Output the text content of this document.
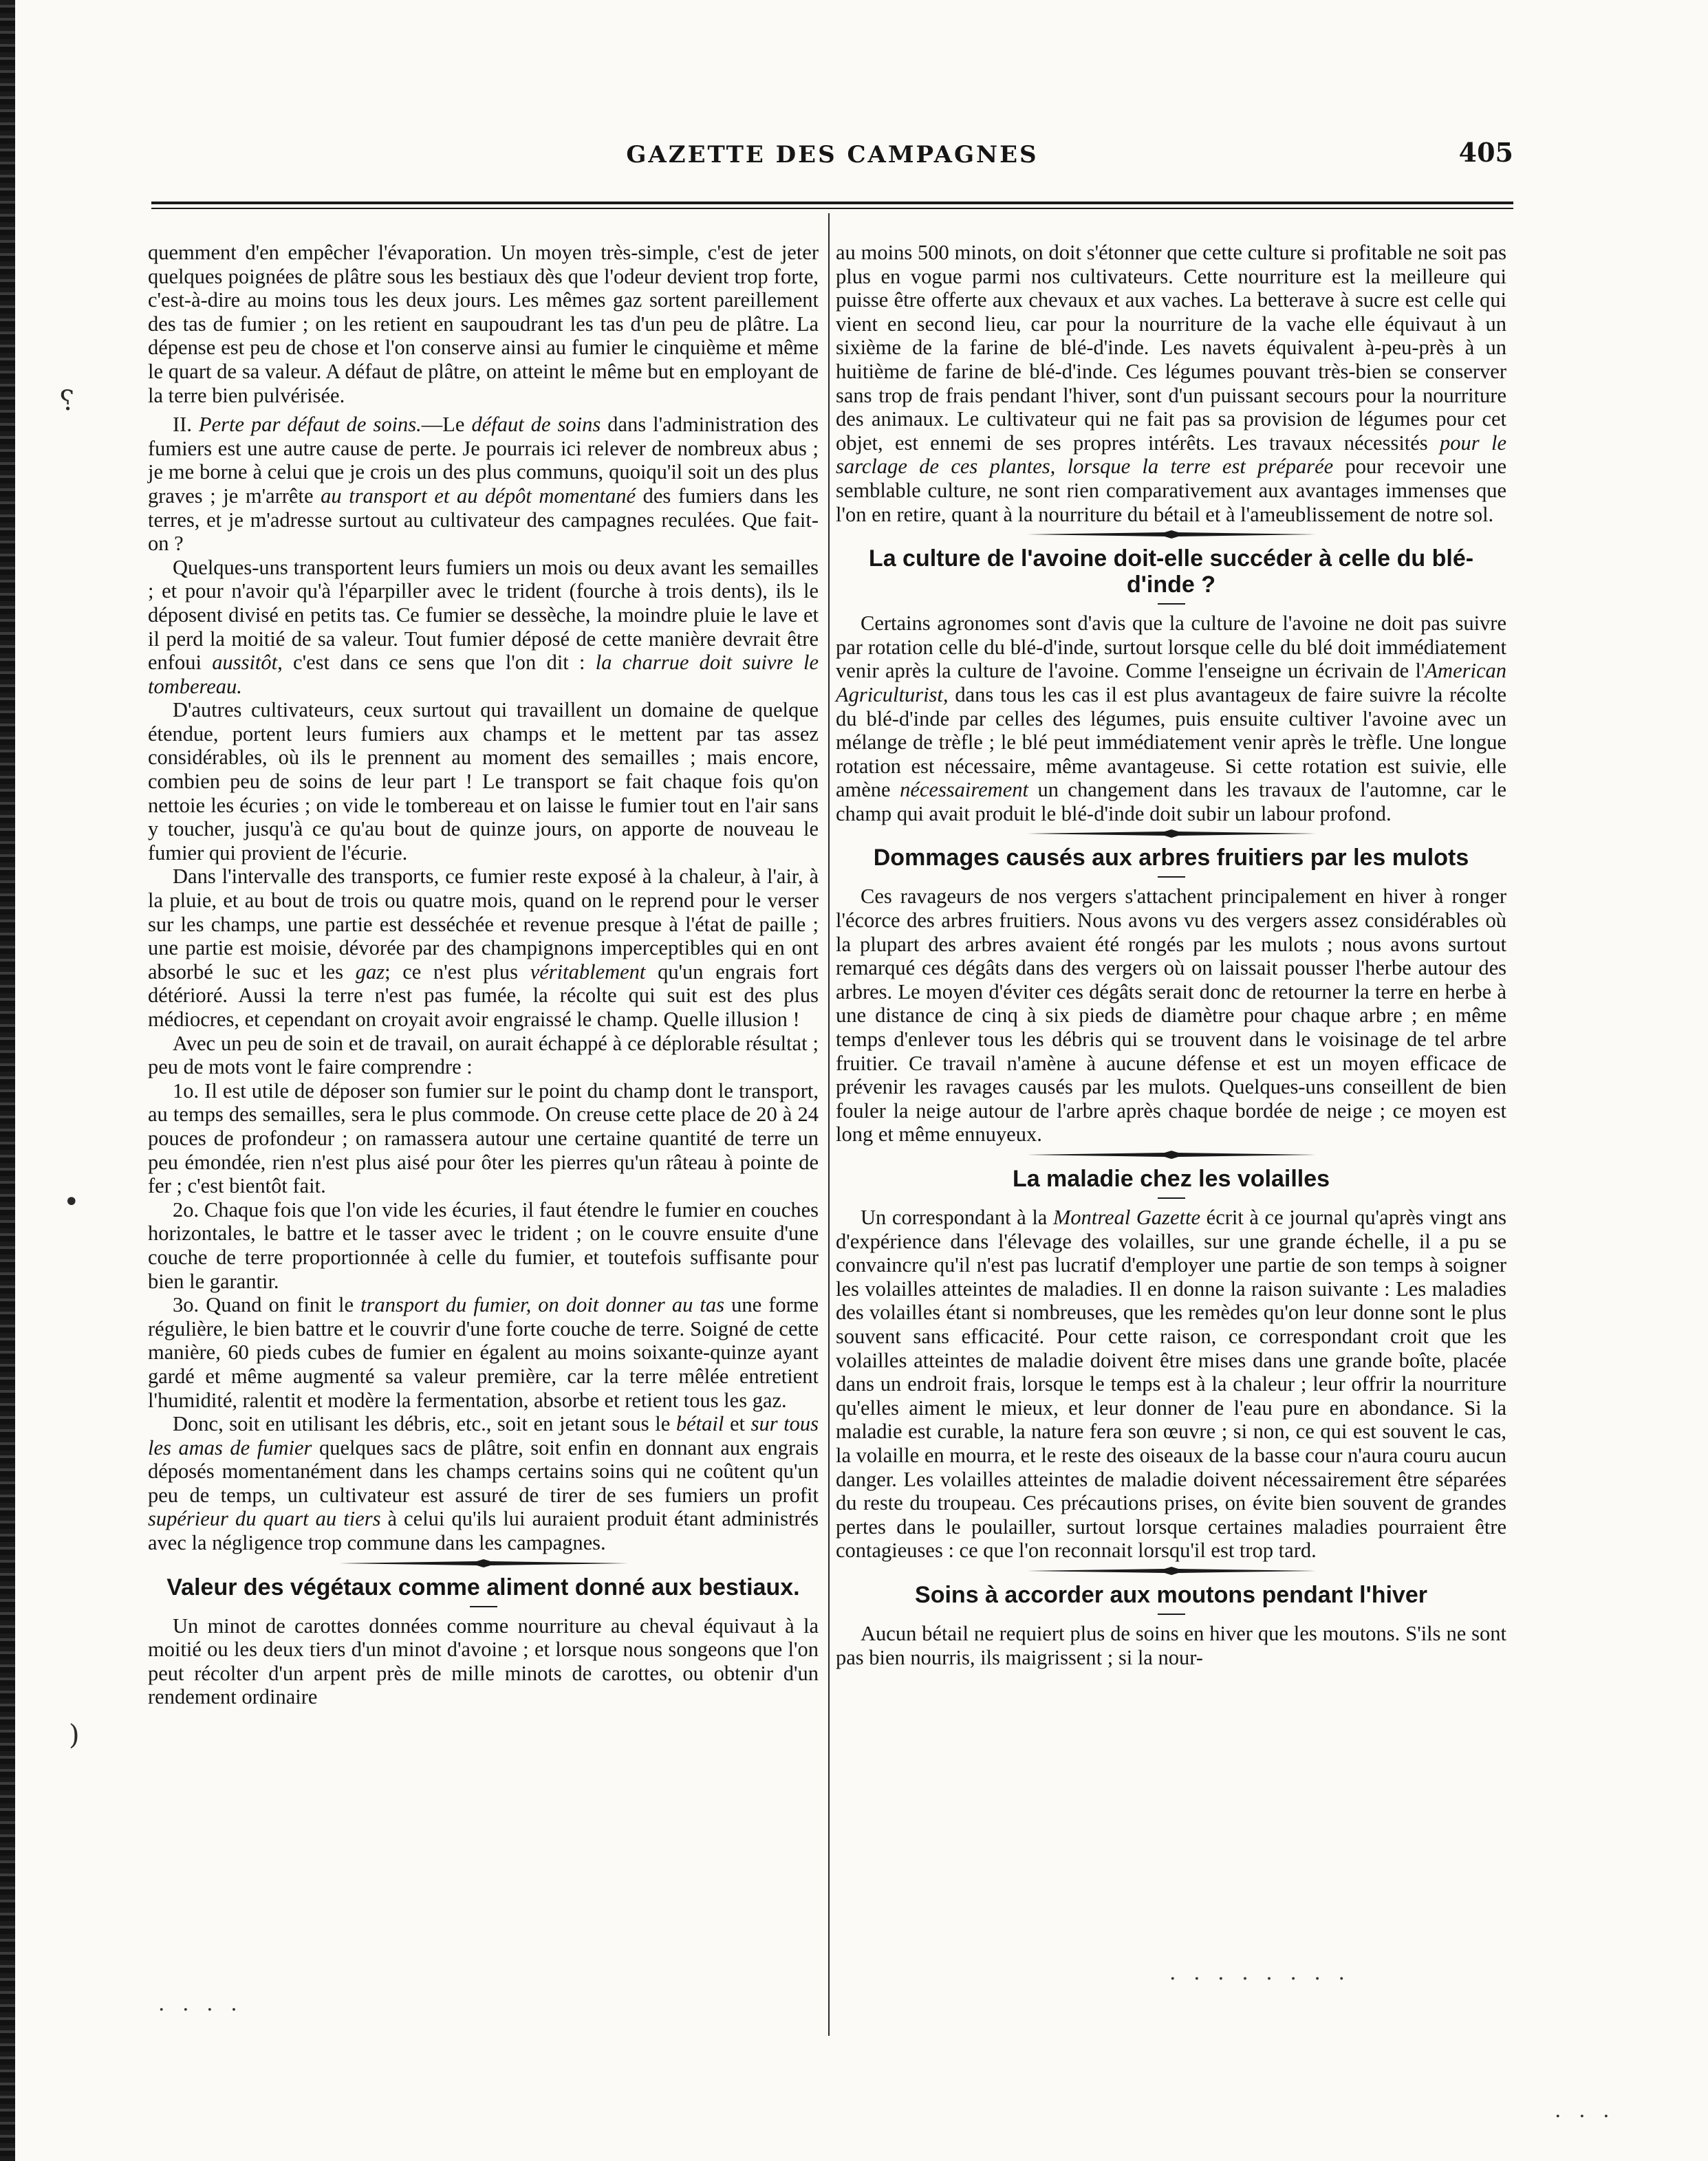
GAZETTE DES CAMPAGNES	405

quemment d'en empêcher l'évaporation. Un moyen très-simple, c'est de jeter quelques poignées de plâtre sous les bestiaux dès que l'odeur devient trop forte, c'est-à-dire au moins tous les deux jours. Les mêmes gaz sortent pareillement des tas de fumier ; on les retient en saupoudrant les tas d'un peu de plâtre. La dépense est peu de chose et l'on conserve ainsi au fumier le cinquième et même le quart de sa valeur. A défaut de plâtre, on atteint le même but en employant de la terre bien pulvérisée.

II. Perte par défaut de soins.—Le défaut de soins dans l'administration des fumiers est une autre cause de perte. Je pourrais ici relever de nombreux abus ; je me borne à celui que je crois un des plus communs, quoiqu'il soit un des plus graves ; je m'arrête au transport et au dépôt momentané des fumiers dans les terres, et je m'adresse surtout au cultivateur des campagnes reculées. Que fait-on ?

Quelques-uns transportent leurs fumiers un mois ou deux avant les semailles ; et pour n'avoir qu'à l'éparpiller avec le trident (fourche à trois dents), ils le déposent divisé en petits tas. Ce fumier se dessèche, la moindre pluie le lave et il perd la moitié de sa valeur. Tout fumier déposé de cette manière devrait être enfoui aussitôt, c'est dans ce sens que l'on dit : la charrue doit suivre le tombereau.

D'autres cultivateurs, ceux surtout qui travaillent un domaine de quelque étendue, portent leurs fumiers aux champs et le mettent par tas assez considérables, où ils le prennent au moment des semailles ; mais encore, combien peu de soins de leur part ! Le transport se fait chaque fois qu'on nettoie les écuries ; on vide le tombereau et on laisse le fumier tout en l'air sans y toucher, jusqu'à ce qu'au bout de quinze jours, on apporte de nouveau le fumier qui provient de l'écurie.

Dans l'intervalle des transports, ce fumier reste exposé à la chaleur, à l'air, à la pluie, et au bout de trois ou quatre mois, quand on le reprend pour le verser sur les champs, une partie est desséchée et revenue presque à l'état de paille ; une partie est moisie, dévorée par des champignons imperceptibles qui en ont absorbé le suc et les gaz; ce n'est plus véritablement qu'un engrais fort détérioré. Aussi la terre n'est pas fumée, la récolte qui suit est des plus médiocres, et cependant on croyait avoir engraissé le champ. Quelle illusion !

Avec un peu de soin et de travail, on aurait échappé à ce déplorable résultat ; peu de mots vont le faire comprendre :

1o. Il est utile de déposer son fumier sur le point du champ dont le transport, au temps des semailles, sera le plus commode. On creuse cette place de 20 à 24 pouces de profondeur ; on ramassera autour une certaine quantité de terre un peu émondée, rien n'est plus aisé pour ôter les pierres qu'un râteau à pointe de fer ; c'est bientôt fait.

2o. Chaque fois que l'on vide les écuries, il faut étendre le fumier en couches horizontales, le battre et le tasser avec le trident ; on le couvre ensuite d'une couche de terre proportionnée à celle du fumier, et toutefois suffisante pour bien le garantir.

3o. Quand on finit le transport du fumier, on doit donner au tas une forme régulière, le bien battre et le couvrir d'une forte couche de terre. Soigné de cette manière, 60 pieds cubes de fumier en égalent au moins soixante-quinze ayant gardé et même augmenté sa valeur première, car la terre mêlée entretient l'humidité, ralentit et modère la fermentation, absorbe et retient tous les gaz.

Donc, soit en utilisant les débris, etc., soit en jetant sous le bétail et sur tous les amas de fumier quelques sacs de plâtre, soit enfin en donnant aux engrais déposés momentanément dans les champs certains soins qui ne coûtent qu'un peu de temps, un cultivateur est assuré de tirer de ses fumiers un profit supérieur du quart au tiers à celui qu'ils lui auraient produit étant administrés avec la négligence trop commune dans les campagnes.

Valeur des végétaux comme aliment donné aux bestiaux.

Un minot de carottes données comme nourriture au cheval équivaut à la moitié ou les deux tiers d'un minot d'avoine ; et lorsque nous songeons que l'on peut récolter d'un arpent près de mille minots de carottes, ou obtenir d'un rendement ordinaire

au moins 500 minots, on doit s'étonner que cette culture si profitable ne soit pas plus en vogue parmi nos cultivateurs. Cette nourriture est la meilleure qui puisse être offerte aux chevaux et aux vaches. La betterave à sucre est celle qui vient en second lieu, car pour la nourriture de la vache elle équivaut à un sixième de la farine de blé-d'inde. Les navets équivalent à-peu-près à un huitième de farine de blé-d'inde. Ces légumes pouvant très-bien se conserver sans trop de frais pendant l'hiver, sont d'un puissant secours pour la nourriture des animaux. Le cultivateur qui ne fait pas sa provision de légumes pour cet objet, est ennemi de ses propres intérêts. Les travaux nécessités pour le sarclage de ces plantes, lorsque la terre est préparée pour recevoir une semblable culture, ne sont rien comparativement aux avantages immenses que l'on en retire, quant à la nourriture du bétail et à l'ameublissement de notre sol.

La culture de l'avoine doit-elle succéder à celle du blé-d'inde ?

Certains agronomes sont d'avis que la culture de l'avoine ne doit pas suivre par rotation celle du blé-d'inde, surtout lorsque celle du blé doit immédiatement venir après la culture de l'avoine. Comme l'enseigne un écrivain de l'American Agriculturist, dans tous les cas il est plus avantageux de faire suivre la récolte du blé-d'inde par celles des légumes, puis ensuite cultiver l'avoine avec un mélange de trèfle ; le blé peut immédiatement venir après le trèfle. Une longue rotation est nécessaire, même avantageuse. Si cette rotation est suivie, elle amène nécessairement un changement dans les travaux de l'automne, car le champ qui avait produit le blé-d'inde doit subir un labour profond.

Dommages causés aux arbres fruitiers par les mulots

Ces ravageurs de nos vergers s'attachent principalement en hiver à ronger l'écorce des arbres fruitiers. Nous avons vu des vergers assez considérables où la plupart des arbres avaient été rongés par les mulots ; nous avons surtout remarqué ces dégâts dans des vergers où on laissait pousser l'herbe autour des arbres. Le moyen d'éviter ces dégâts serait donc de retourner la terre en herbe à une distance de cinq à six pieds de diamètre pour chaque arbre ; en même temps d'enlever tous les débris qui se trouvent dans le voisinage de tel arbre fruitier. Ce travail n'amène à aucune défense et est un moyen efficace de prévenir les ravages causés par les mulots. Quelques-uns conseillent de bien fouler la neige autour de l'arbre après chaque bordée de neige ; ce moyen est long et même ennuyeux.

La maladie chez les volailles

Un correspondant à la Montreal Gazette écrit à ce journal qu'après vingt ans d'expérience dans l'élevage des volailles, sur une grande échelle, il a pu se convaincre qu'il n'est pas lucratif d'employer une partie de son temps à soigner les volailles atteintes de maladies. Il en donne la raison suivante : Les maladies des volailles étant si nombreuses, que les remèdes qu'on leur donne sont le plus souvent sans efficacité. Pour cette raison, ce correspondant croit que les volailles atteintes de maladie doivent être mises dans une grande boîte, placée dans un endroit frais, lorsque le temps est à la chaleur ; leur offrir la nourriture qu'elles aiment le mieux, et leur donner de l'eau pure en abondance. Si la maladie est curable, la nature fera son œuvre ; si non, ce qui est souvent le cas, la volaille en mourra, et le reste des oiseaux de la basse cour n'aura couru aucun danger. Les volailles atteintes de maladie doivent nécessairement être séparées du reste du troupeau. Ces précautions prises, on évite bien souvent de grandes pertes dans le poulailler, surtout lorsque certaines maladies pourraient être contagieuses : ce que l'on reconnait lorsqu'il est trop tard.

Soins à accorder aux moutons pendant l'hiver

Aucun bétail ne requiert plus de soins en hiver que les moutons. S'ils ne sont pas bien nourris, ils maigrissent ; si la nour-

⸮
•
)
· · · ·
· · · · · · · ·
· · ·
